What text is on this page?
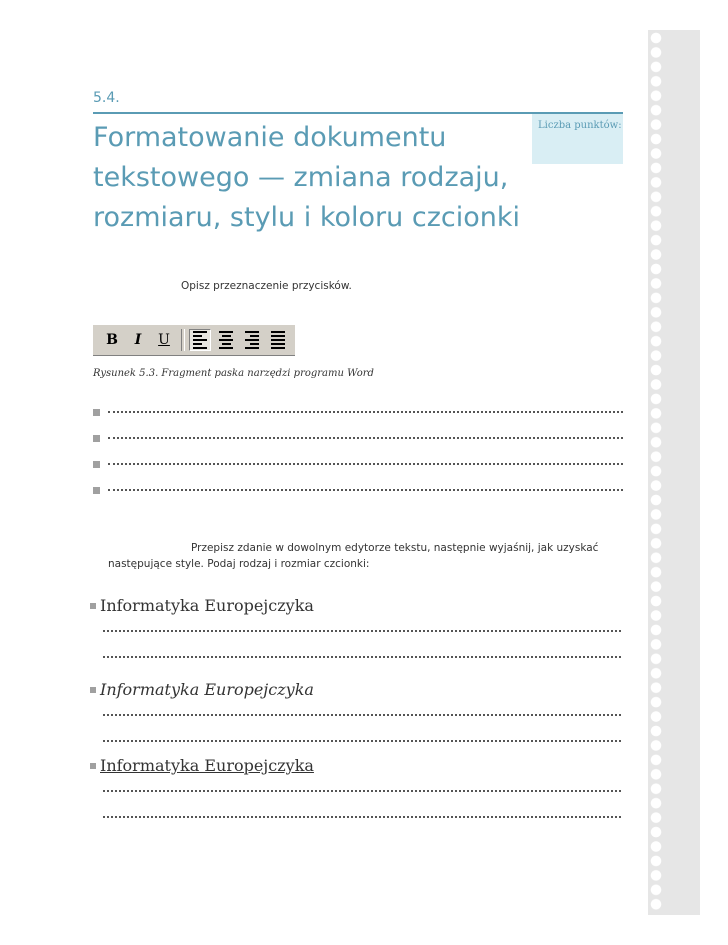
5.4.
Formatowanie dokumentu tekstowego — zmiana rodzaju, rozmiaru, stylu i koloru czcionki
Liczba punktów:
Opisz przeznaczenie przycisków.
B	I	U
Rysunek 5.3. Fragment paska narzędzi programu Word
Przepisz zdanie w dowolnym edytorze tekstu, następnie wyjaśnij, jak uzyskać następujące style. Podaj rodzaj i rozmiar czcionki:
Informatyka Europejczyka
Informatyka Europejczyka
Informatyka Europejczyka
